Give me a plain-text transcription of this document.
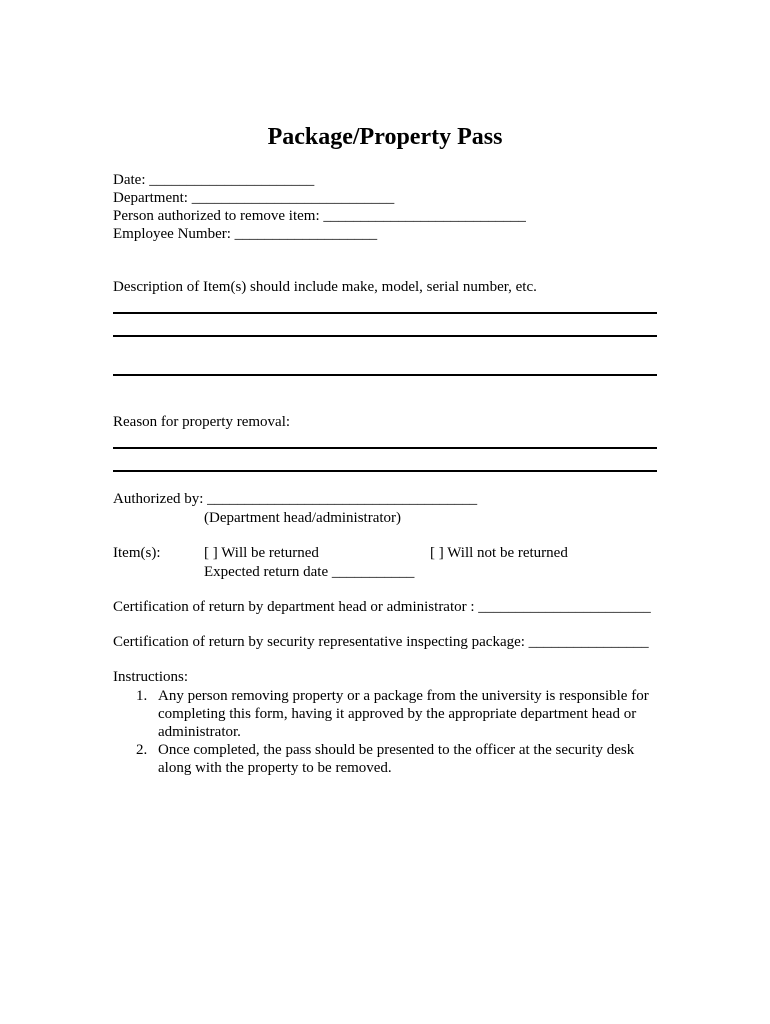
Package/Property Pass
Date: ______________________
Department: ___________________________
Person authorized to remove item: ___________________________
Employee Number: ___________________
Description of Item(s) should include make, model, serial number, etc.
Reason for property removal:
Authorized by: ____________________________________
(Department head/administrator)
Item(s):	[ ] Will be returned	[ ] Will not be returned
Expected return date ___________
Certification of return by department head or administrator : _______________________
Certification of return by security representative inspecting package: ________________
Instructions:
1. Any person removing property or a package from the university is responsible for
completing this form, having it approved by the appropriate department head or
administrator.
2. Once completed, the pass should be presented to the officer at the security desk
along with the property to be removed.
